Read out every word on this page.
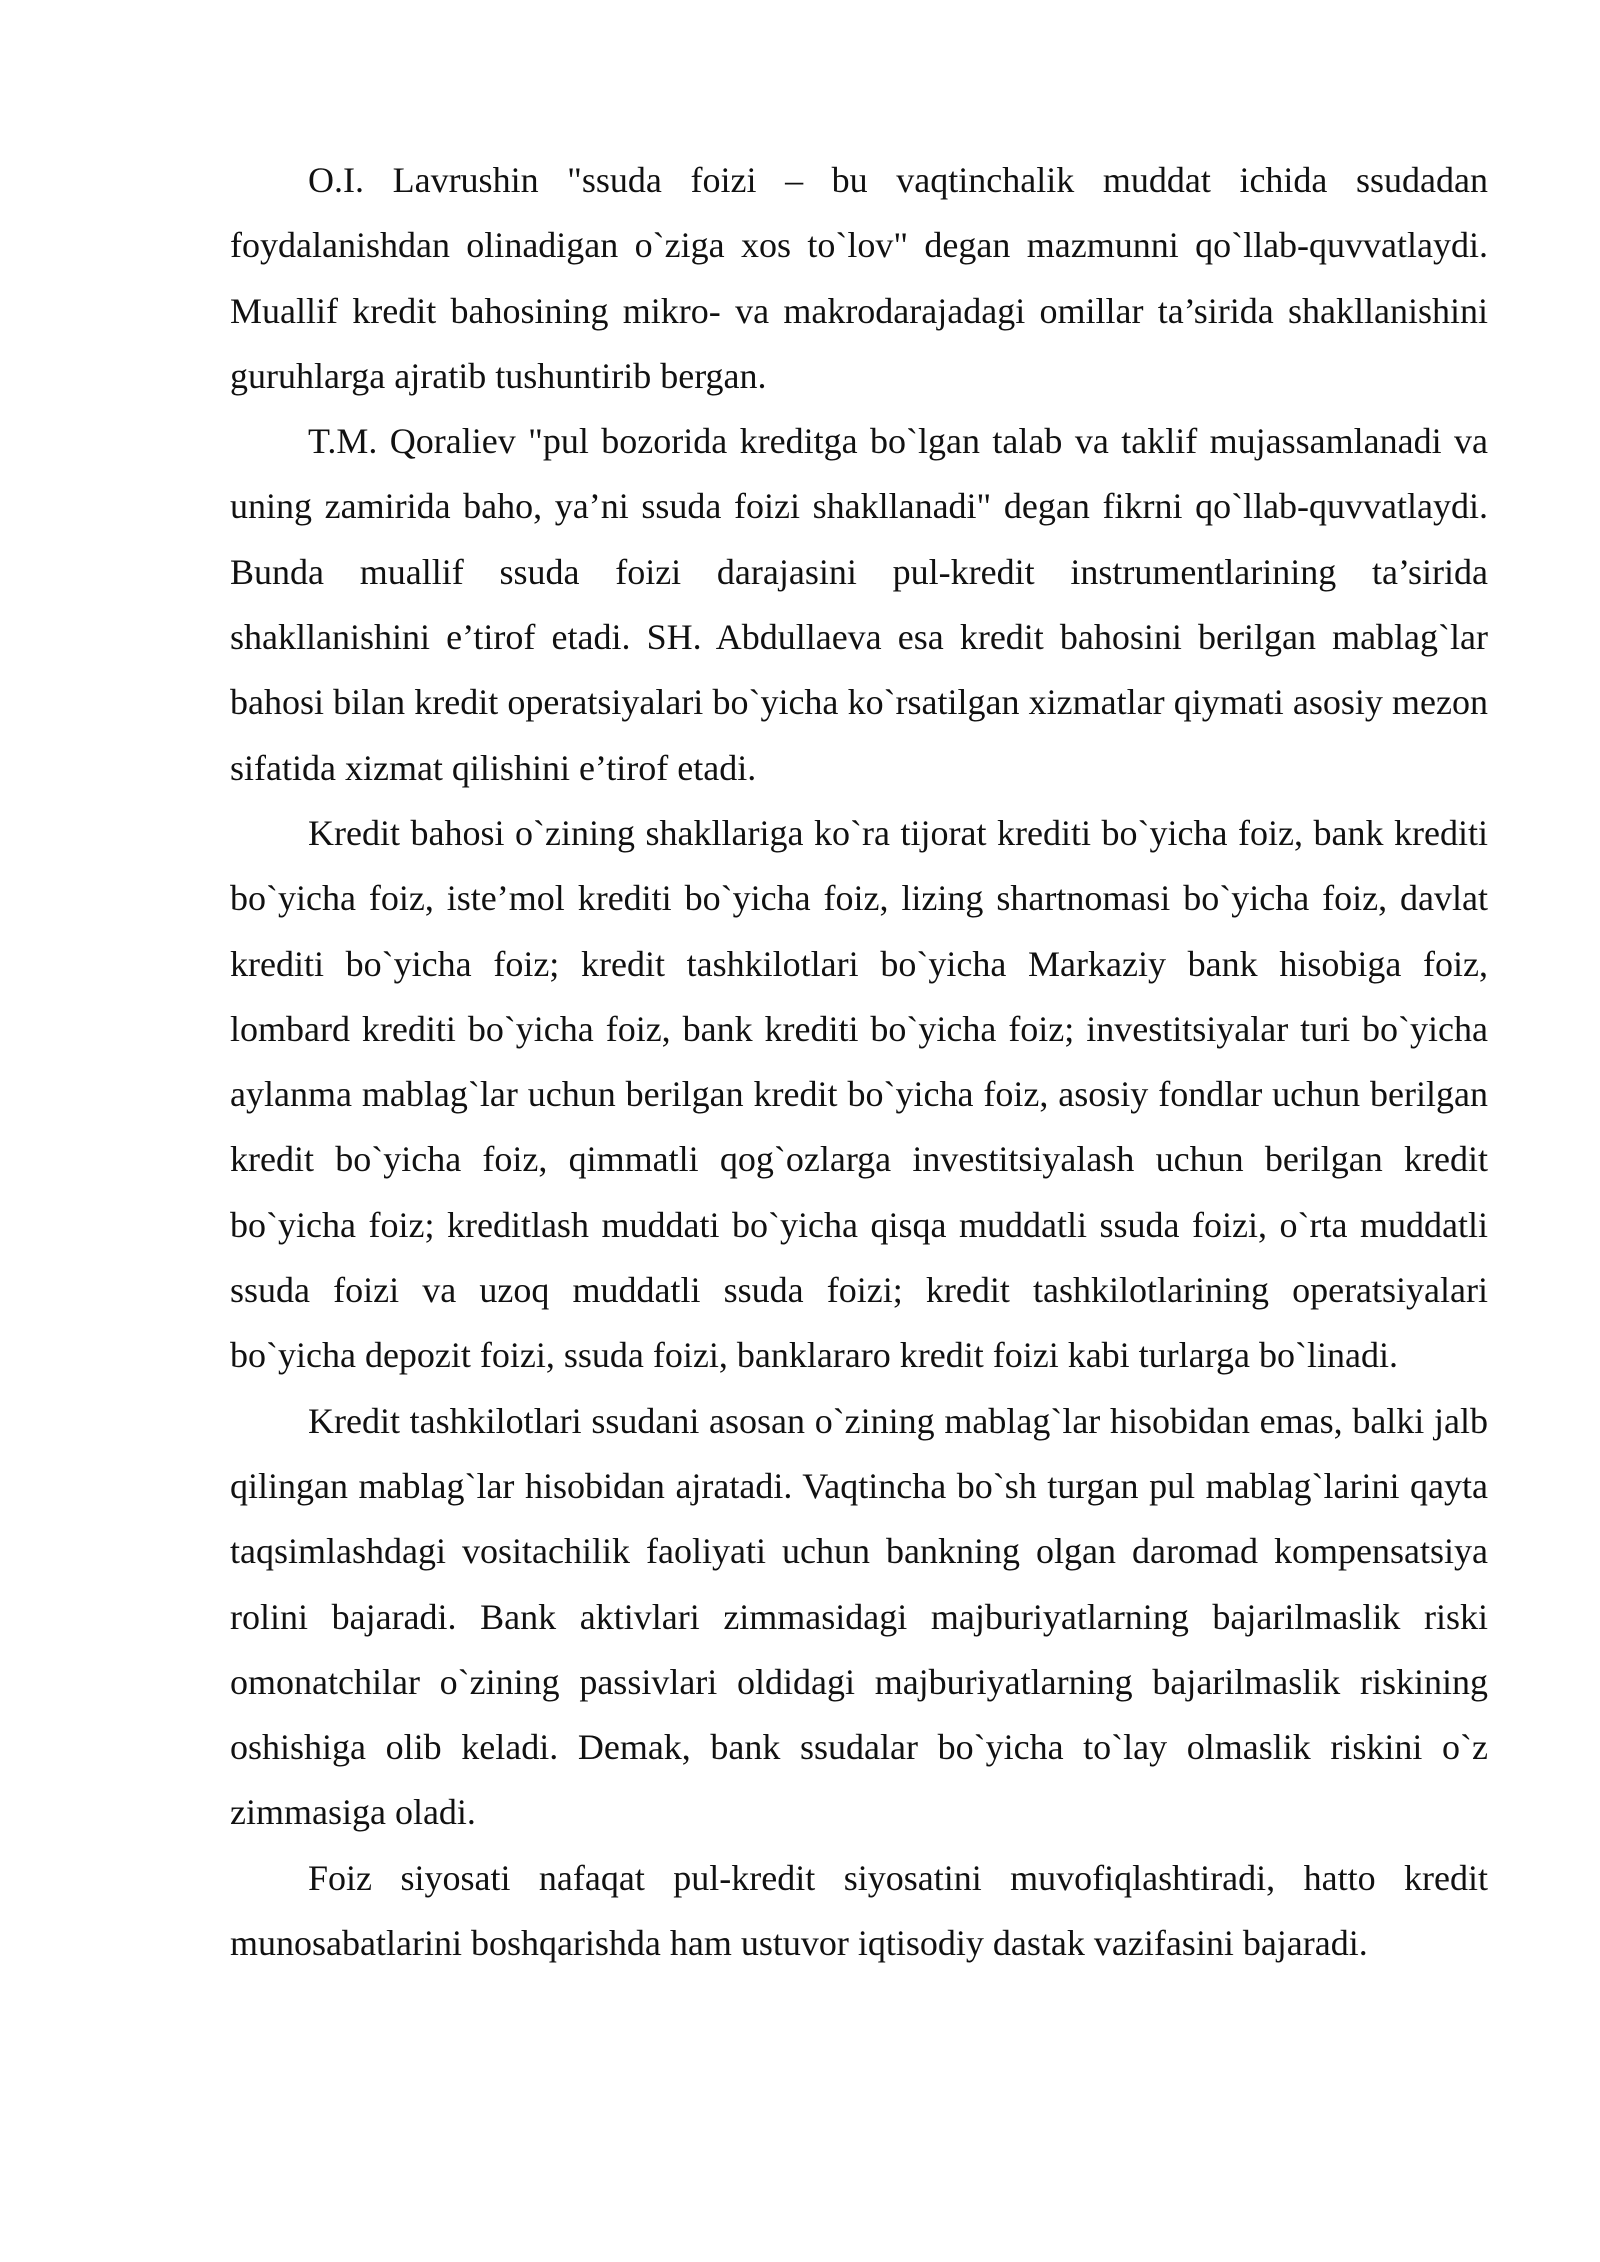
O.I. Lavrushin "ssuda foizi – bu vaqtinchalik muddat ichida ssudadan foydalanishdan olinadigan o`ziga xos to`lov" degan mazmunni qo`llab-quvvatlaydi. Muallif kredit bahosining mikro- va makrodarajadagi omillar ta’sirida shakllanishini guruhlarga ajratib tushuntirib bergan.

T.M. Qoraliev "pul bozorida kreditga bo`lgan talab va taklif mujassamlanadi va uning zamirida baho, ya’ni ssuda foizi shakllanadi" degan fikrni qo`llab-quvvatlaydi. Bunda muallif ssuda foizi darajasini pul-kredit instrumentlarining ta’sirida shakllanishini e’tirof etadi. SH. Abdullaeva esa kredit bahosini berilgan mablag`lar bahosi bilan kredit operatsiyalari bo`yicha ko`rsatilgan xizmatlar qiymati asosiy mezon sifatida xizmat qilishini e’tirof etadi.

Kredit bahosi o`zining shakllariga ko`ra tijorat krediti bo`yicha foiz, bank krediti bo`yicha foiz, iste’mol krediti bo`yicha foiz, lizing shartnomasi bo`yicha foiz, davlat krediti bo`yicha foiz; kredit tashkilotlari bo`yicha Markaziy bank hisobiga foiz, lombard krediti bo`yicha foiz, bank krediti bo`yicha foiz; investitsiyalar turi bo`yicha aylanma mablag`lar uchun berilgan kredit bo`yicha foiz, asosiy fondlar uchun berilgan kredit bo`yicha foiz, qimmatli qog`ozlarga investitsiyalash uchun berilgan kredit bo`yicha foiz; kreditlash muddati bo`yicha qisqa muddatli ssuda foizi, o`rta muddatli ssuda foizi va uzoq muddatli ssuda foizi; kredit tashkilotlarining operatsiyalari bo`yicha depozit foizi, ssuda foizi, banklararo kredit foizi kabi turlarga bo`linadi.

Kredit tashkilotlari ssudani asosan o`zining mablag`lar hisobidan emas, balki jalb qilingan mablag`lar hisobidan ajratadi. Vaqtincha bo`sh turgan pul mablag`larini qayta taqsimlashdagi vositachilik faoliyati uchun bankning olgan daromad kompensatsiya rolini bajaradi. Bank aktivlari zimmasidagi majburiyatlarning bajarilmaslik riski omonatchilar o`zining passivlari oldidagi majburiyatlarning bajarilmaslik riskining oshishiga olib keladi. Demak, bank ssudalar bo`yicha to`lay olmaslik riskini o`z zimmasiga oladi.

Foiz siyosati nafaqat pul-kredit siyosatini muvofiqlashtiradi, hatto kredit munosabatlarini boshqarishda ham ustuvor iqtisodiy dastak vazifasini bajaradi.
